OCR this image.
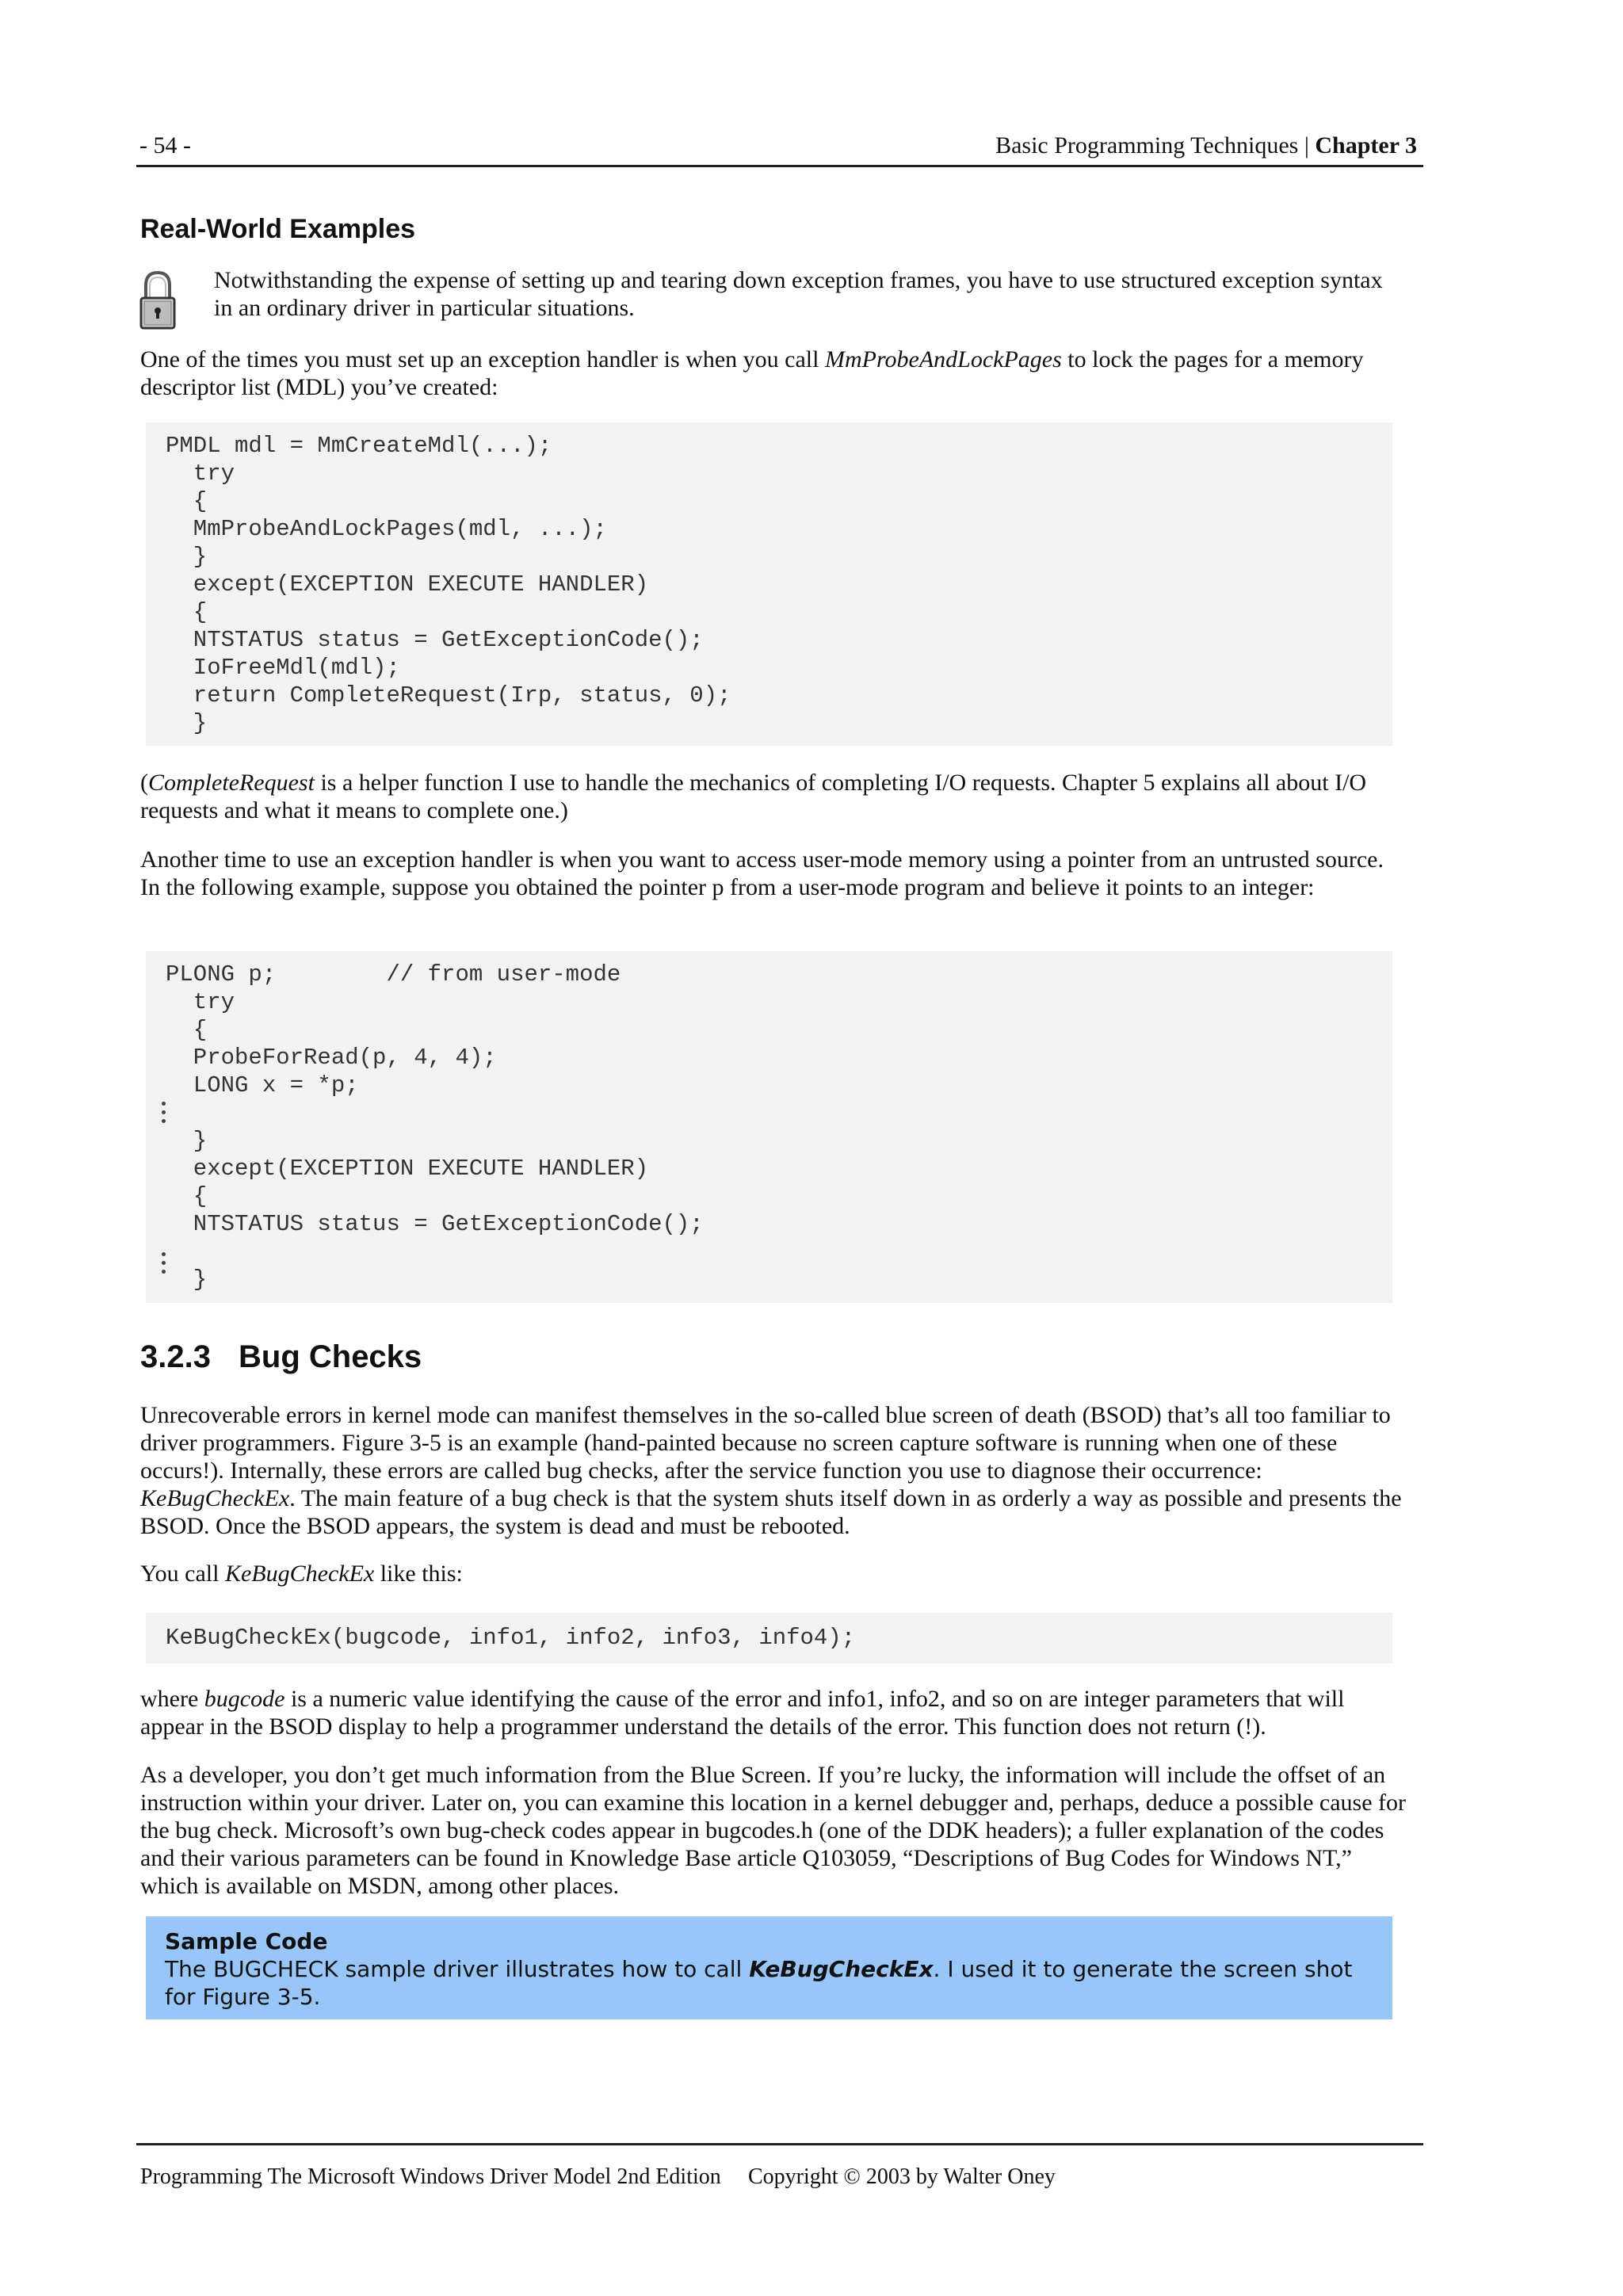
- 54 -	Basic Programming Techniques | Chapter 3
Real-World Examples

Notwithstanding the expense of setting up and tearing down exception frames, you have to use structured exception syntax in an ordinary driver in particular situations.

One of the times you must set up an exception handler is when you call MmProbeAndLockPages to lock the pages for a memory descriptor list (MDL) you’ve created:

PMDL mdl = MmCreateMdl(...);
try
{
MmProbeAndLockPages(mdl, ...);
}
except(EXCEPTION EXECUTE HANDLER)
{
NTSTATUS status = GetExceptionCode();
IoFreeMdl(mdl);
return CompleteRequest(Irp, status, 0);
}

(CompleteRequest is a helper function I use to handle the mechanics of completing I/O requests. Chapter 5 explains all about I/O requests and what it means to complete one.)

Another time to use an exception handler is when you want to access user-mode memory using a pointer from an untrusted source. In the following example, suppose you obtained the pointer p from a user-mode program and believe it points to an integer:

PLONG p;        // from user-mode
try
{
ProbeForRead(p, 4, 4);
LONG x = *p;
}
except(EXCEPTION EXECUTE HANDLER)
{
NTSTATUS status = GetExceptionCode();
}
3.2.3 Bug Checks

Unrecoverable errors in kernel mode can manifest themselves in the so-called blue screen of death (BSOD) that’s all too familiar to driver programmers. Figure 3-5 is an example (hand-painted because no screen capture software is running when one of these occurs!). Internally, these errors are called bug checks, after the service function you use to diagnose their occurrence: KeBugCheckEx. The main feature of a bug check is that the system shuts itself down in as orderly a way as possible and presents the BSOD. Once the BSOD appears, the system is dead and must be rebooted.

You call KeBugCheckEx like this:

KeBugCheckEx(bugcode, info1, info2, info3, info4);

where bugcode is a numeric value identifying the cause of the error and info1, info2, and so on are integer parameters that will appear in the BSOD display to help a programmer understand the details of the error. This function does not return (!).

As a developer, you don’t get much information from the Blue Screen. If you’re lucky, the information will include the offset of an instruction within your driver. Later on, you can examine this location in a kernel debugger and, perhaps, deduce a possible cause for the bug check. Microsoft’s own bug-check codes appear in bugcodes.h (one of the DDK headers); a fuller explanation of the codes and their various parameters can be found in Knowledge Base article Q103059, “Descriptions of Bug Codes for Windows NT,” which is available on MSDN, among other places.

Sample Code

The BUGCHECK sample driver illustrates how to call KeBugCheckEx. I used it to generate the screen shot for Figure 3-5.

Programming The Microsoft Windows Driver Model 2nd Edition Copyright © 2003 by Walter Oney
